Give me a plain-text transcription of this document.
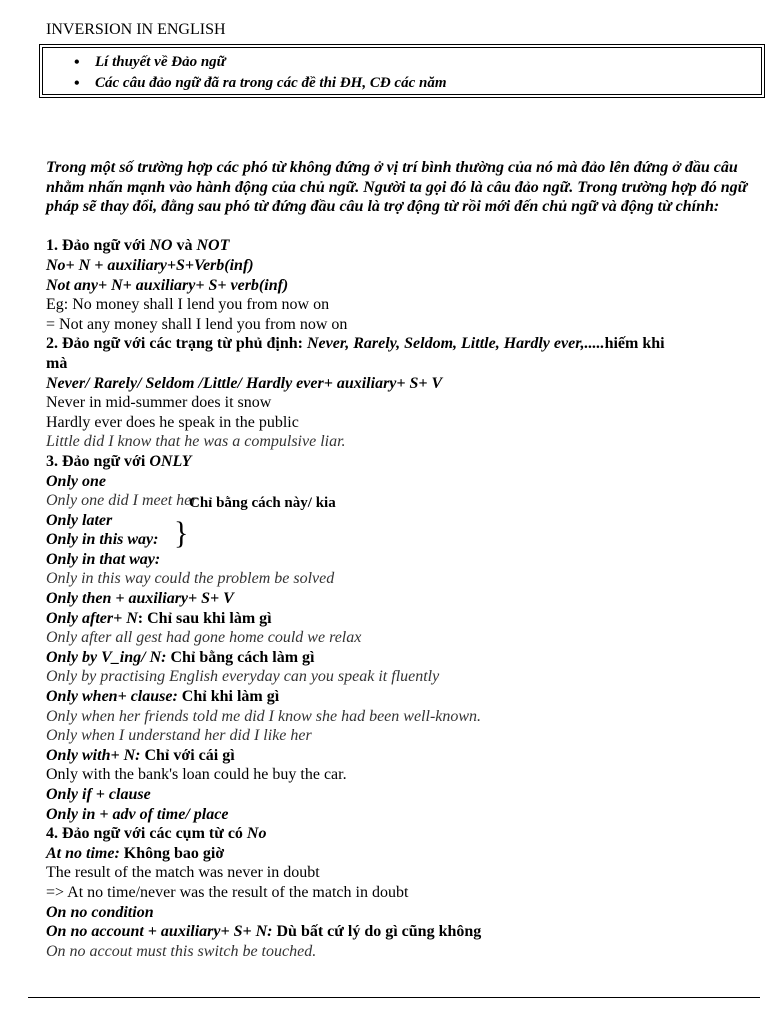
INVERSION IN ENGLISH
• Lí thuyết về Đảo ngữ
• Các câu đảo ngữ đã ra trong các đề thi ĐH, CĐ các năm
Trong một số trường hợp các phó từ không đứng ở vị trí bình thường của nó mà đảo lên đứng ở đầu câu nhằm nhấn mạnh vào hành động của chủ ngữ. Người ta gọi đó là câu đảo ngữ. Trong trường hợp đó ngữ pháp sẽ thay đổi, đằng sau phó từ đứng đầu câu là trợ động từ rồi mới đến chủ ngữ và động từ chính:
1. Đảo ngữ với NO và NOT
No+ N + auxiliary+S+Verb(inf)
Not any+ N+ auxiliary+ S+ verb(inf)
Eg: No money shall I lend you from now on
= Not any money shall I lend you from now on
2. Đảo ngữ với các trạng từ phủ định: Never, Rarely, Seldom, Little, Hardly ever,.....hiếm khi
mà
Never/ Rarely/ Seldom /Little/ Hardly ever+ auxiliary+ S+ V
Never in mid-summer does it snow
Hardly ever does he speak in the public
Little did I know that he was a compulsive liar.
3. Đảo ngữ với ONLY
Only one
Only one did I meet her
Only later
Only in this way:
Only in that way:
Only in this way could the problem be solved
Only then + auxiliary+ S+ V
Only after+ N: Chỉ sau khi làm gì
Only after all gest had gone home could we relax
Only by V_ing/ N: Chỉ bằng cách làm gì
Only by practising English everyday can you speak it fluently
Only when+ clause: Chỉ khi làm gì
Only when her friends told me did I know she had been well-known.
Only when I understand her did I like her
Only with+ N: Chỉ với cái gì
Only with the bank's loan could he buy the car.
Only if + clause
Only in + adv of time/ place
4. Đảo ngữ với các cụm từ có No
At no time: Không bao giờ
The result of the match was never in doubt
=> At no time/never was the result of the match in doubt
On no condition
On no account + auxiliary+ S+ N: Dù bất cứ lý do gì cũng không
On no accout must this switch be touched.
Chỉ bằng cách này/ kia
}
